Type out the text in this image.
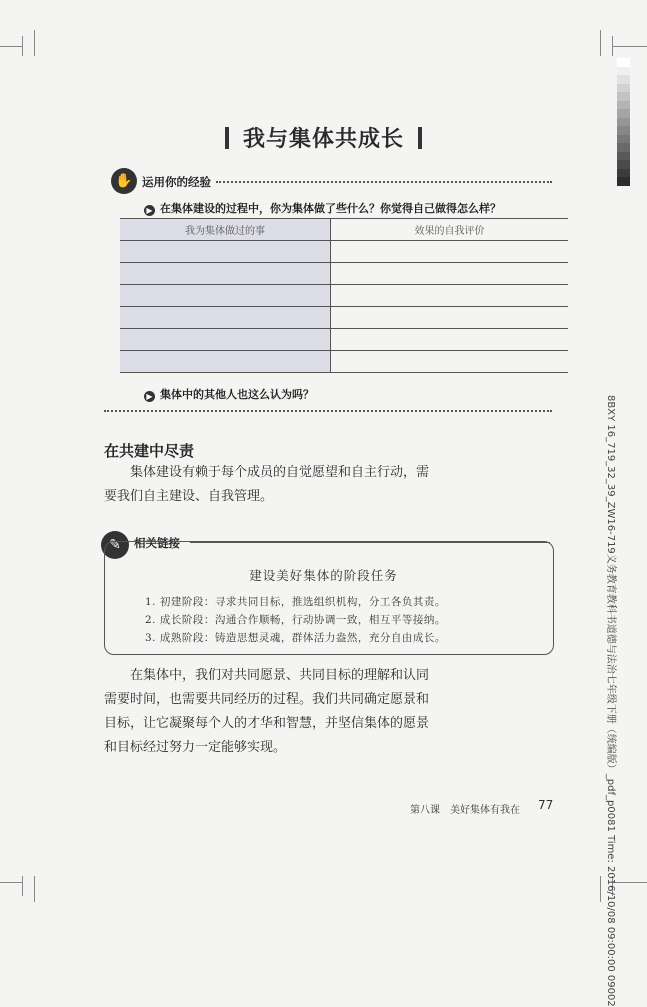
我与集体共成长
✋ 运用你的经验
▶ 在集体建设的过程中，你为集体做了些什么？你觉得自己做得怎么样？
我为集体做过的事	效果的自我评价

▶ 集体中的其他人也这么认为吗？
在共建中尽责
集体建设有赖于每个成员的自觉愿望和自主行动，需
要我们自主建设、自我管理。
✎	相关链接
建设美好集体的阶段任务
1. 初建阶段：寻求共同目标，推选组织机构，分工各负其责。
2. 成长阶段：沟通合作顺畅，行动协调一致，相互平等接纳。
3. 成熟阶段：铸造思想灵魂，群体活力盎然，充分自由成长。
在集体中，我们对共同愿景、共同目标的理解和认同
需要时间，也需要共同经历的过程。我们共同确定愿景和
目标，让它凝聚每个人的才华和智慧，并坚信集体的愿景
和目标经过努力一定能够实现。
第八课　美好集体有我在 77
8BXY 16_719_32_39_ZW16-719义务教育教科书道德与法治七年级下册（统编版）_pdf_p0081 Time: 2016/10/08 09:00:00 09002
